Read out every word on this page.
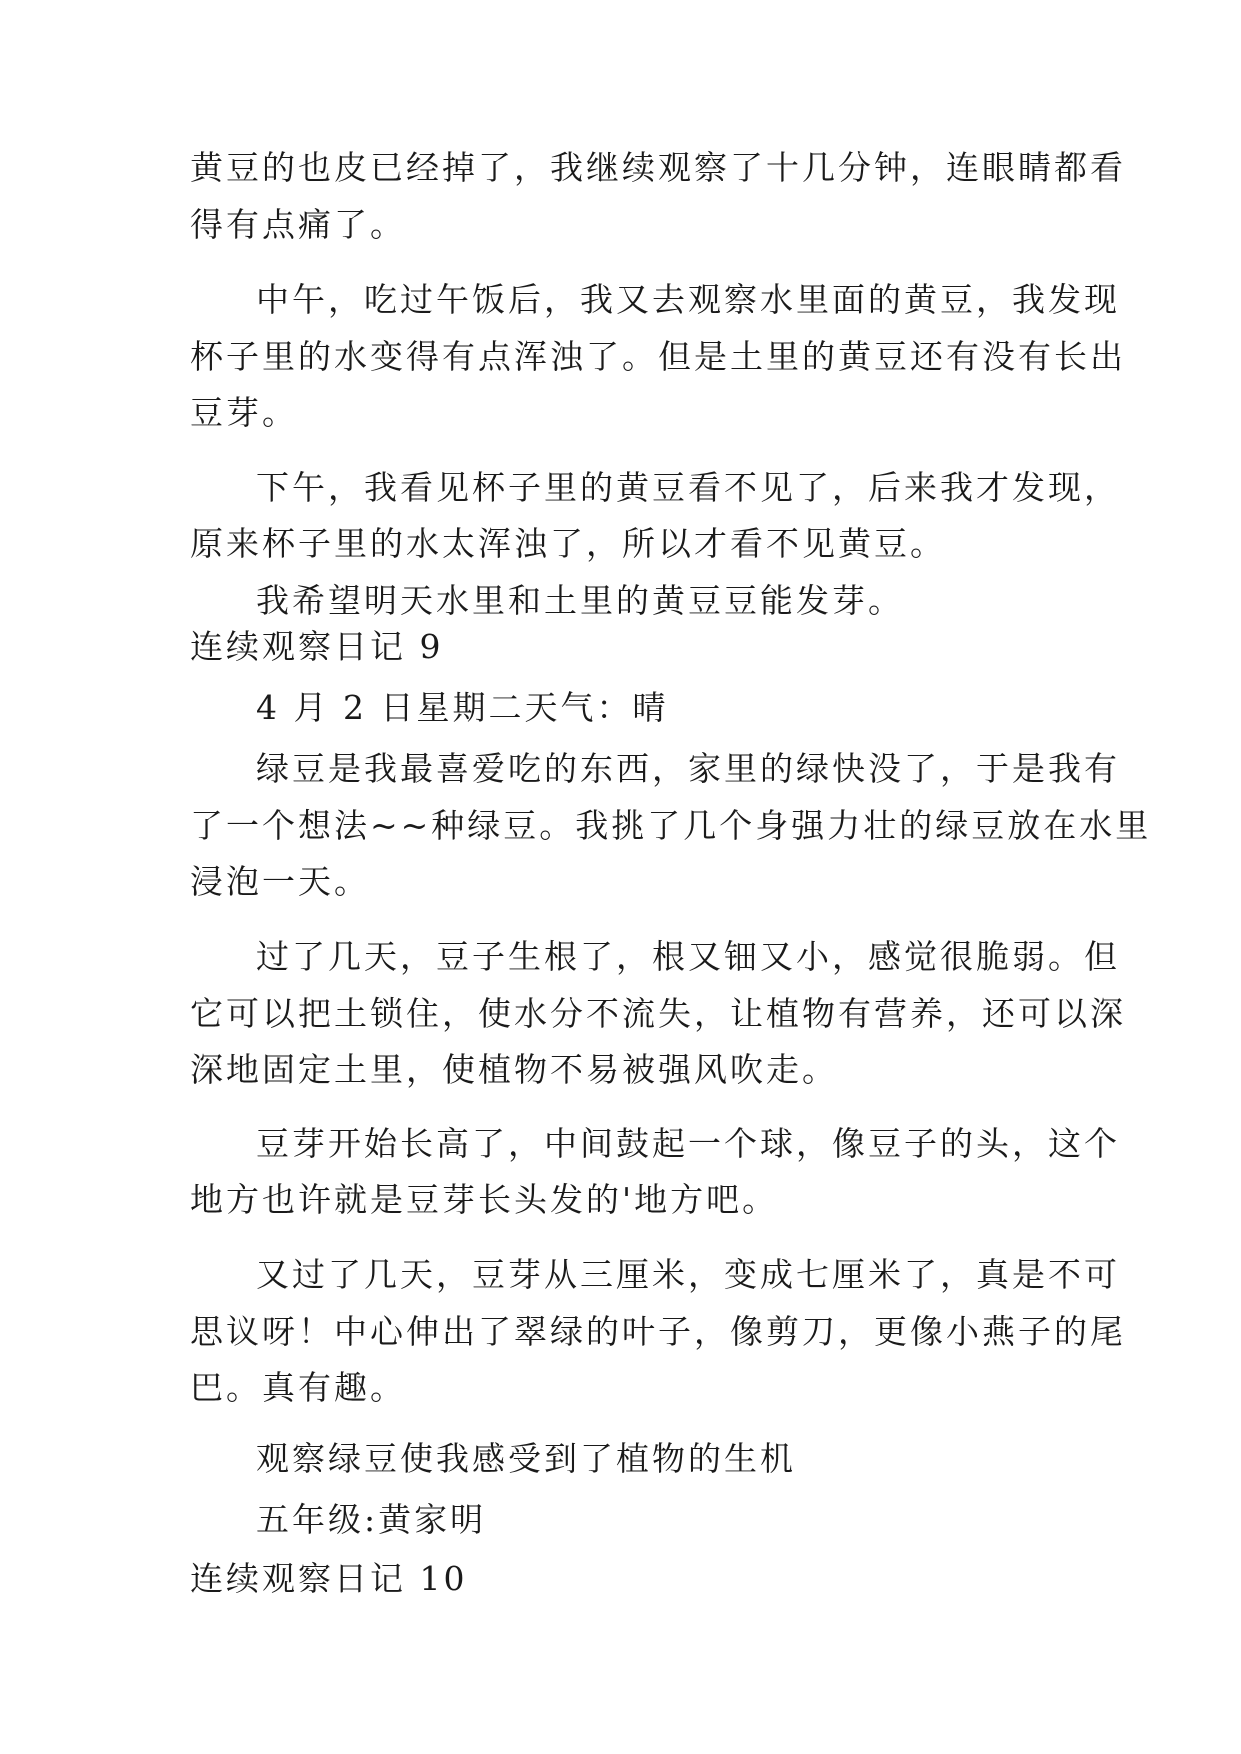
黄豆的也皮已经掉了，我继续观察了十几分钟，连眼睛都看
得有点痛了。
中午，吃过午饭后，我又去观察水里面的黄豆，我发现
杯子里的水变得有点浑浊了。但是土里的黄豆还有没有长出
豆芽。
下午，我看见杯子里的黄豆看不见了，后来我才发现，
原来杯子里的水太浑浊了，所以才看不见黄豆。
我希望明天水里和土里的黄豆豆能发芽。
连续观察日记 9
4 月 2 日星期二天气：晴
绿豆是我最喜爱吃的东西，家里的绿快没了，于是我有
了一个想法~~种绿豆。我挑了几个身强力壮的绿豆放在水里
浸泡一天。
过了几天，豆子生根了，根又钿又小，感觉很脆弱。但
它可以把土锁住，使水分不流失，让植物有营养，还可以深
深地固定土里，使植物不易被强风吹走。
豆芽开始长高了，中间鼓起一个球，像豆子的头，这个
地方也许就是豆芽长头发的'地方吧。
又过了几天，豆芽从三厘米，变成七厘米了，真是不可
思议呀！中心伸出了翠绿的叶子，像剪刀，更像小燕子的尾
巴。真有趣。
观察绿豆使我感受到了植物的生机
五年级:黄家明
连续观察日记 10
